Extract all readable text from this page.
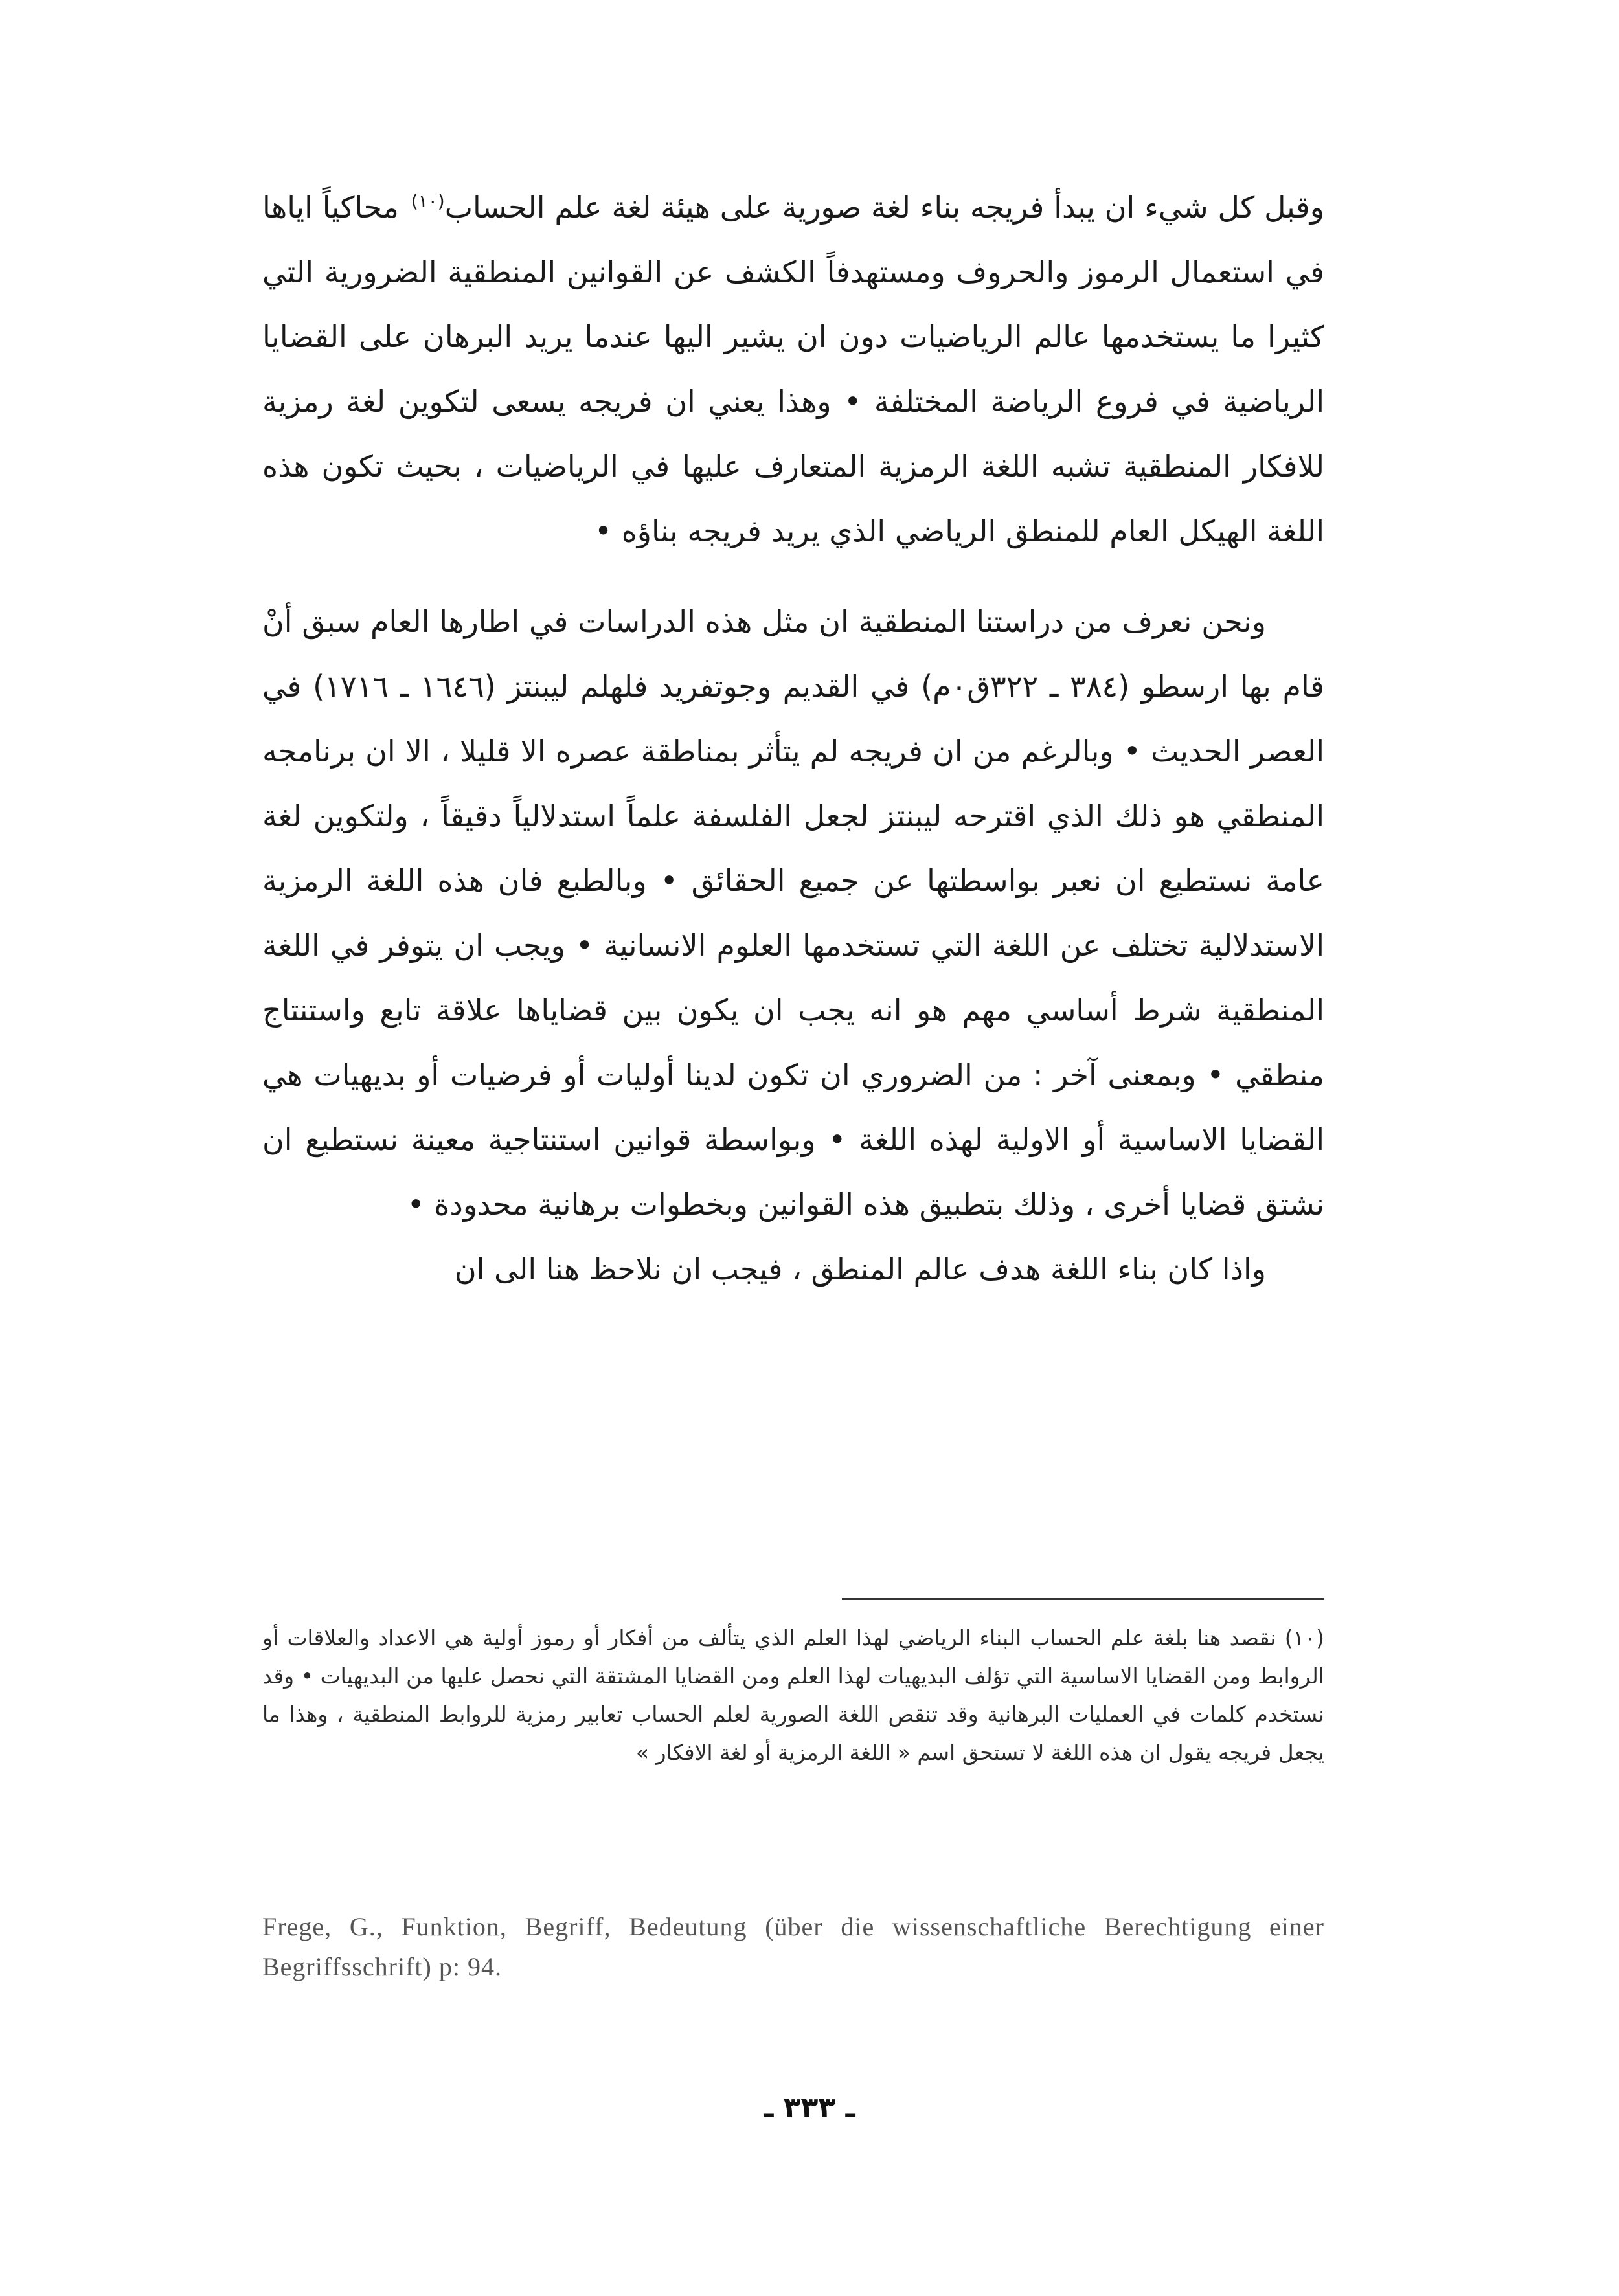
وقبل كل شيء ان يبدأ فريجه بناء لغة صورية على هيئة لغة علم الحساب$^{(١٠)}$ محاكياً اياها في استعمال الرموز والحروف ومستهدفاً الكشف عن القوانين المنطقية الضرورية التي كثيرا ما يستخدمها عالم الرياضيات دون ان يشير اليها عندما يريد البرهان على القضايا الرياضية في فروع الرياضة المختلفة • وهذا يعني ان فريجه يسعى لتكوين لغة رمزية للافكار المنطقية تشبه اللغة الرمزية المتعارف عليها في الرياضيات ، بحيث تكون هذه اللغة الهيكل العام للمنطق الرياضي الذي يريد فريجه بناؤه •

ونحن نعرف من دراستنا المنطقية ان مثل هذه الدراسات في اطارها العام سبق أنْ قام بها ارسطو (٣٨٤ ـ ٣٢٢ق٠م) في القديم وجوتفريد فلهلم ليبنتز (١٦٤٦ ـ ١٧١٦) في العصر الحديث • وبالرغم من ان فريجه لم يتأثر بمناطقة عصره الا قليلا ، الا ان برنامجه المنطقي هو ذلك الذي اقترحه ليبنتز لجعل الفلسفة علماً استدلالياً دقيقاً ، ولتكوين لغة عامة نستطيع ان نعبر بواسطتها عن جميع الحقائق • وبالطبع فان هذه اللغة الرمزية الاستدلالية تختلف عن اللغة التي تستخدمها العلوم الانسانية • ويجب ان يتوفر في اللغة المنطقية شرط أساسي مهم هو انه يجب ان يكون بين قضاياها علاقة تابع واستنتاج منطقي • وبمعنى آخر : من الضروري ان تكون لدينا أوليات أو فرضيات أو بديهيات هي القضايا الاساسية أو الاولية لهذه اللغة • وبواسطة قوانين استنتاجية معينة نستطيع ان نشتق قضايا أخرى ، وذلك بتطبيق هذه القوانين وبخطوات برهانية محدودة •

واذا كان بناء اللغة هدف عالم المنطق ، فيجب ان نلاحظ هنا الى ان

(١٠) نقصد هنا بلغة علم الحساب البناء الرياضي لهذا العلم الذي يتألف من أفكار أو رموز أولية هي الاعداد والعلاقات أو الروابط ومن القضايا الاساسية التي تؤلف البديهيات لهذا العلم ومن القضايا المشتقة التي نحصل عليها من البديهيات • وقد نستخدم كلمات في العمليات البرهانية وقد تنقص اللغة الصورية لعلم الحساب تعابير رمزية للروابط المنطقية ، وهذا ما يجعل فريجه يقول ان هذه اللغة لا تستحق اسم « اللغة الرمزية أو لغة الافكار »
Frege, G., Funktion, Begriff, Bedeutung (über die wissenschaftliche Berechtigung einer Begriffsschrift) p: 94.
ـ ٣٣٣ ـ
